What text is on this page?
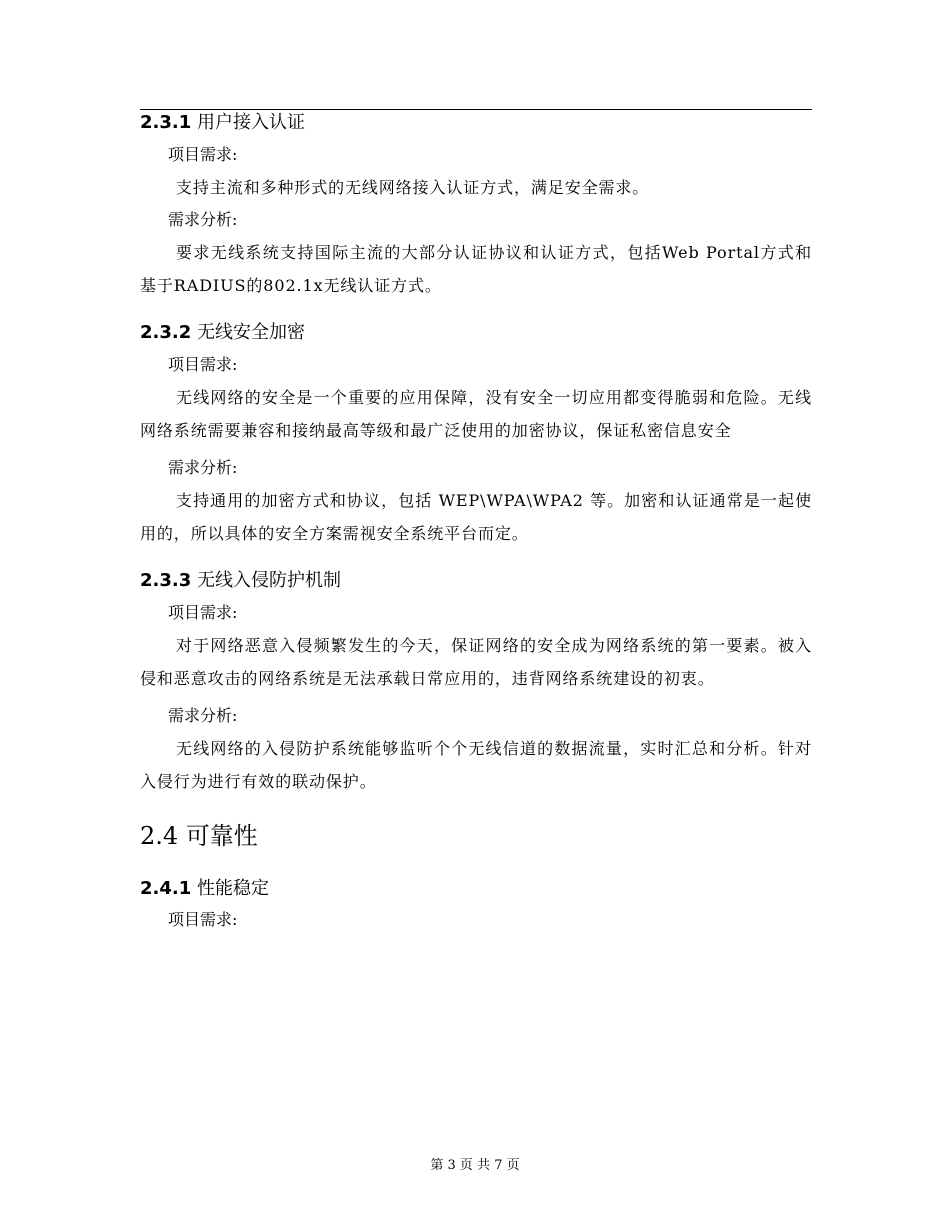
2.3.1 用户接入认证
项目需求:

支持主流和多种形式的无线网络接入认证方式，满足安全需求。

需求分析:

要求无线系统支持国际主流的大部分认证协议和认证方式，包括Web Portal方式和基于RADIUS的802.1x无线认证方式。

2.3.2 无线安全加密
项目需求:

无线网络的安全是一个重要的应用保障，没有安全一切应用都变得脆弱和危险。无线网络系统需要兼容和接纳最高等级和最广泛使用的加密协议，保证私密信息安全

需求分析:

支持通用的加密方式和协议，包括 WEP\WPA\WPA2 等。加密和认证通常是一起使用的，所以具体的安全方案需视安全系统平台而定。

2.3.3 无线入侵防护机制
项目需求:

对于网络恶意入侵频繁发生的今天，保证网络的安全成为网络系统的第一要素。被入侵和恶意攻击的网络系统是无法承载日常应用的，违背网络系统建设的初衷。

需求分析:

无线网络的入侵防护系统能够监听个个无线信道的数据流量，实时汇总和分析。针对入侵行为进行有效的联动保护。

2.4 可靠性
2.4.1 性能稳定
项目需求:
第 3 页 共 7 页
